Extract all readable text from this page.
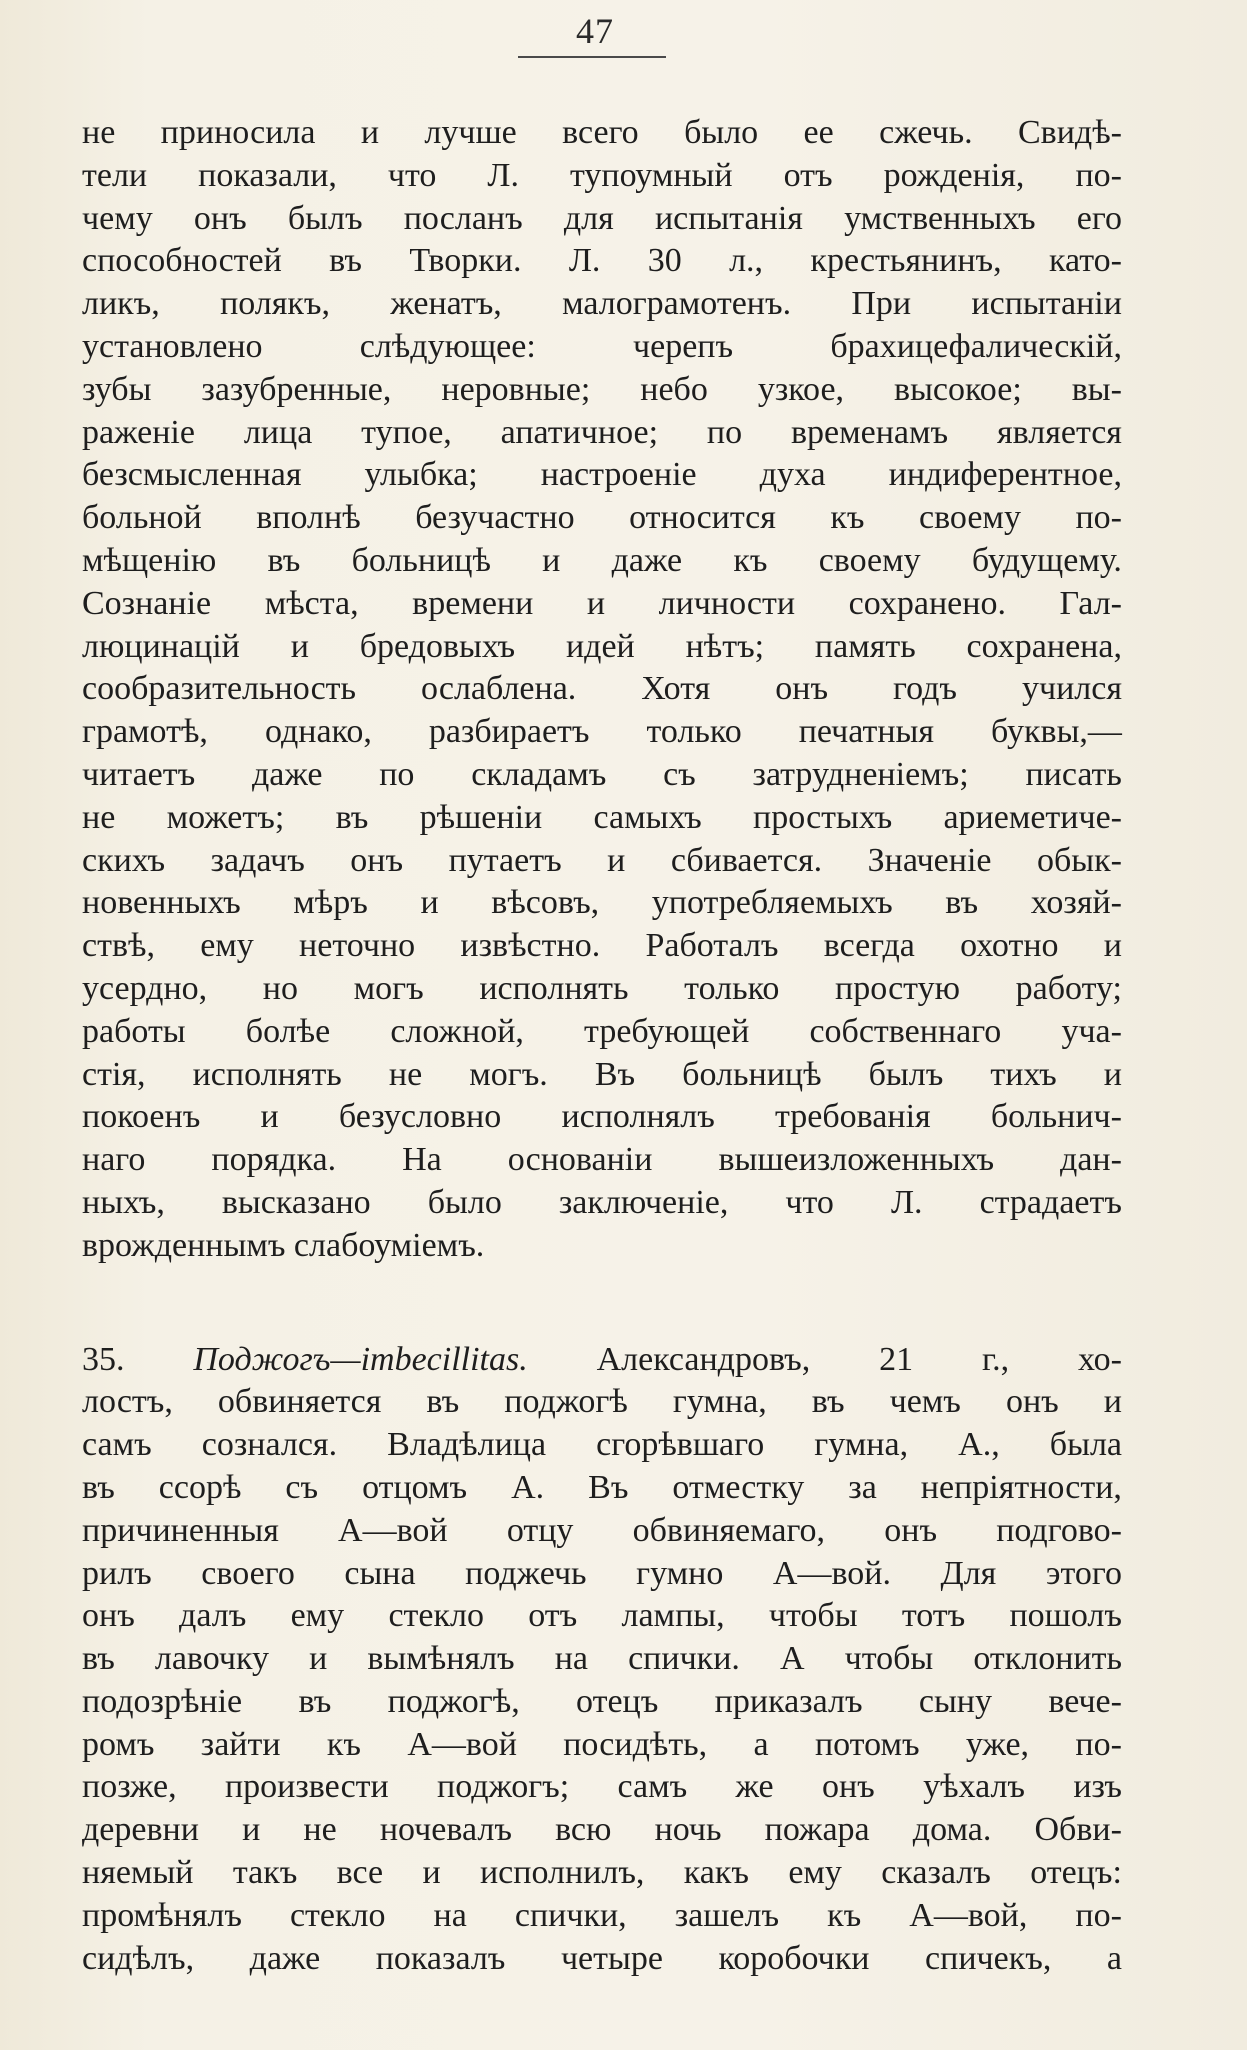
47
не приносила и лучше всего было ее сжечь. Свидѣ-
тели показали, что Л. тупоумный отъ рожденія, по-
чему онъ былъ посланъ для испытанія умственныхъ его
способностей въ Творки. Л. 30 л., крестьянинъ, като-
ликъ, полякъ, женатъ, малограмотенъ. При испытаніи
установлено	слѣдующее:	черепъ	брахицефалическій,
зубы зазубренные, неровные; небо узкое, высокое; вы-
раженіе лица тупое, апатичное; по временамъ является
безсмысленная улыбка; настроеніе духа индиферентное,
больной вполнѣ безучастно относится къ своему по-
мѣщенію въ больницѣ и даже къ своему будущему.
Сознаніе мѣста, времени и личности сохранено. Гал-
люцинацій и бредовыхъ идей нѣтъ; память сохранена,
сообразительность ослаблена. Хотя онъ годъ учился
грамотѣ, однако, разбираетъ только печатныя буквы,—
читаетъ даже по складамъ съ затрудненіемъ; писать
не можетъ; въ рѣшеніи самыхъ простыхъ ариеметиче-
скихъ задачъ онъ путаетъ и сбивается. Значеніе обык-
новенныхъ мѣръ и вѣсовъ, употребляемыхъ въ хозяй-
ствѣ, ему неточно извѣстно. Работалъ всегда охотно и
усердно, но могъ исполнять только простую работу;
работы болѣе сложной, требующей собственнаго уча-
стія, исполнять не могъ. Въ больницѣ былъ тихъ и
покоенъ и безусловно исполнялъ требованія больнич-
наго порядка. На основаніи вышеизложенныхъ дан-
ныхъ, высказано было заключеніе, что Л. страдаетъ
врожденнымъ слабоуміемъ.
35. Поджогъ—imbecillitas. Александровъ, 21 г., хо-
лостъ, обвиняется въ поджогѣ гумна, въ чемъ онъ и
самъ сознался. Владѣлица сгорѣвшаго гумна, А., была
въ ссорѣ съ отцомъ А. Въ отместку за непріятности,
причиненныя А—вой отцу обвиняемаго, онъ подгово-
рилъ своего сына поджечь гумно А—вой. Для этого
онъ далъ ему стекло отъ лампы, чтобы тотъ пошолъ
въ лавочку и вымѣнялъ на спички. А чтобы отклонить
подозрѣніе въ поджогѣ, отецъ приказалъ сыну вече-
ромъ зайти къ А—вой посидѣть, а потомъ уже, по-
позже, произвести поджогъ; самъ же онъ уѣхалъ изъ
деревни и не ночевалъ всю ночь пожара дома. Обви-
няемый такъ все и исполнилъ, какъ ему сказалъ отецъ:
промѣнялъ стекло на спички, зашелъ къ А—вой, по-
сидѣлъ, даже показалъ четыре коробочки спичекъ, а
